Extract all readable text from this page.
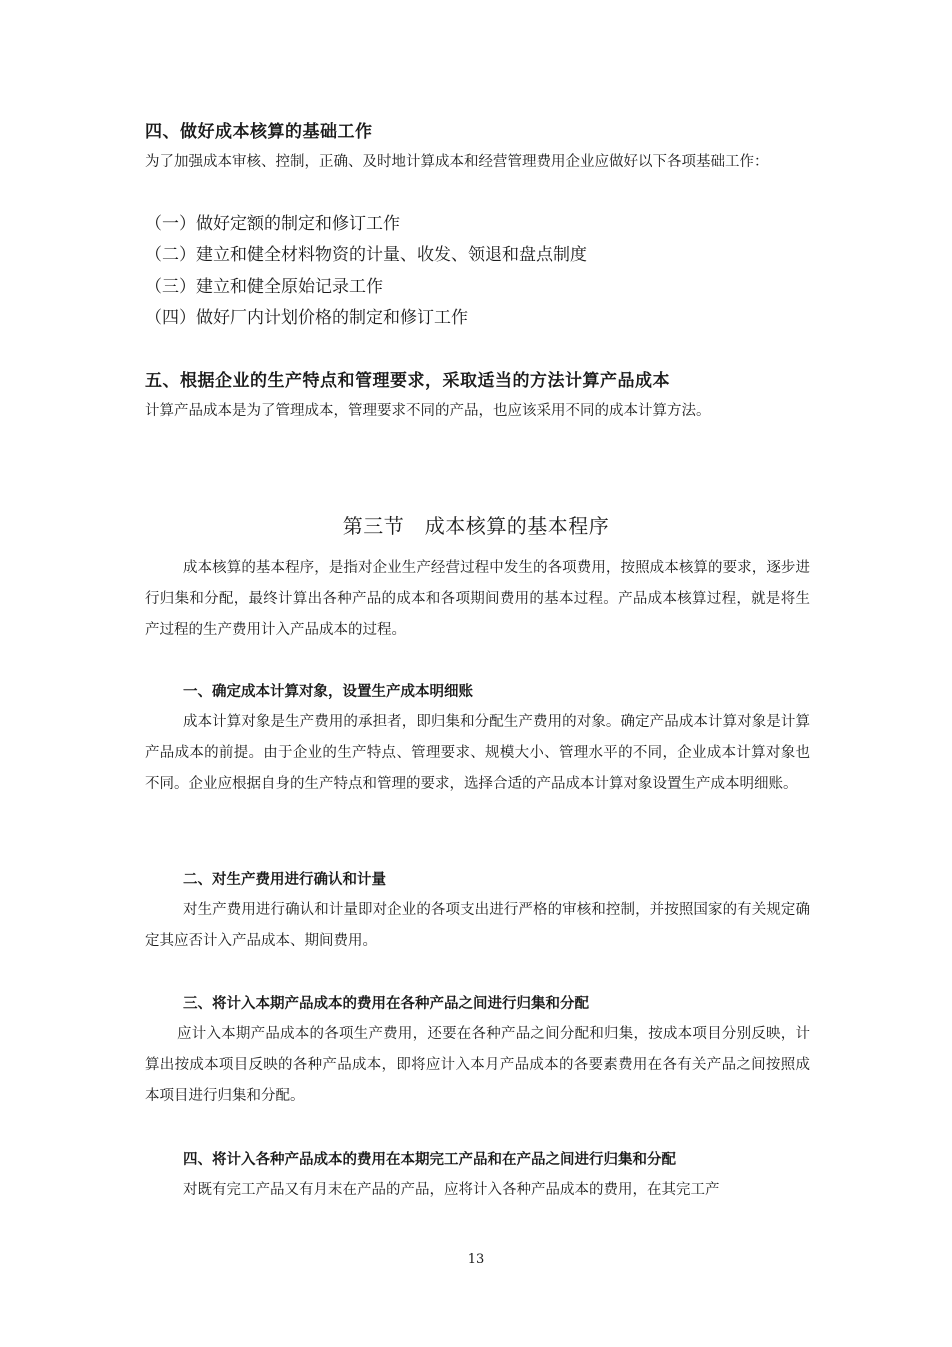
四、做好成本核算的基础工作

为了加强成本审核、控制，正确、及时地计算成本和经营管理费用企业应做好以下各项基础工作：

（一）做好定额的制定和修订工作

（二）建立和健全材料物资的计量、收发、领退和盘点制度

（三）建立和健全原始记录工作

（四）做好厂内计划价格的制定和修订工作

五、根据企业的生产特点和管理要求，采取适当的方法计算产品成本

计算产品成本是为了管理成本，管理要求不同的产品，也应该采用不同的成本计算方法。

第三节　成本核算的基本程序

成本核算的基本程序，是指对企业生产经营过程中发生的各项费用，按照成本核算的要求，逐步进行归集和分配，最终计算出各种产品的成本和各项期间费用的基本过程。产品成本核算过程，就是将生产过程的生产费用计入产品成本的过程。

一、确定成本计算对象，设置生产成本明细账

成本计算对象是生产费用的承担者，即归集和分配生产费用的对象。确定产品成本计算对象是计算产品成本的前提。由于企业的生产特点、管理要求、规模大小、管理水平的不同，企业成本计算对象也不同。企业应根据自身的生产特点和管理的要求，选择合适的产品成本计算对象设置生产成本明细账。

二、对生产费用进行确认和计量

对生产费用进行确认和计量即对企业的各项支出进行严格的审核和控制，并按照国家的有关规定确定其应否计入产品成本、期间费用。

三、将计入本期产品成本的费用在各种产品之间进行归集和分配

应计入本期产品成本的各项生产费用，还要在各种产品之间分配和归集，按成本项目分别反映，计算出按成本项目反映的各种产品成本，即将应计入本月产品成本的各要素费用在各有关产品之间按照成本项目进行归集和分配。

四、将计入各种产品成本的费用在本期完工产品和在产品之间进行归集和分配

对既有完工产品又有月末在产品的产品，应将计入各种产品成本的费用，在其完工产

13
